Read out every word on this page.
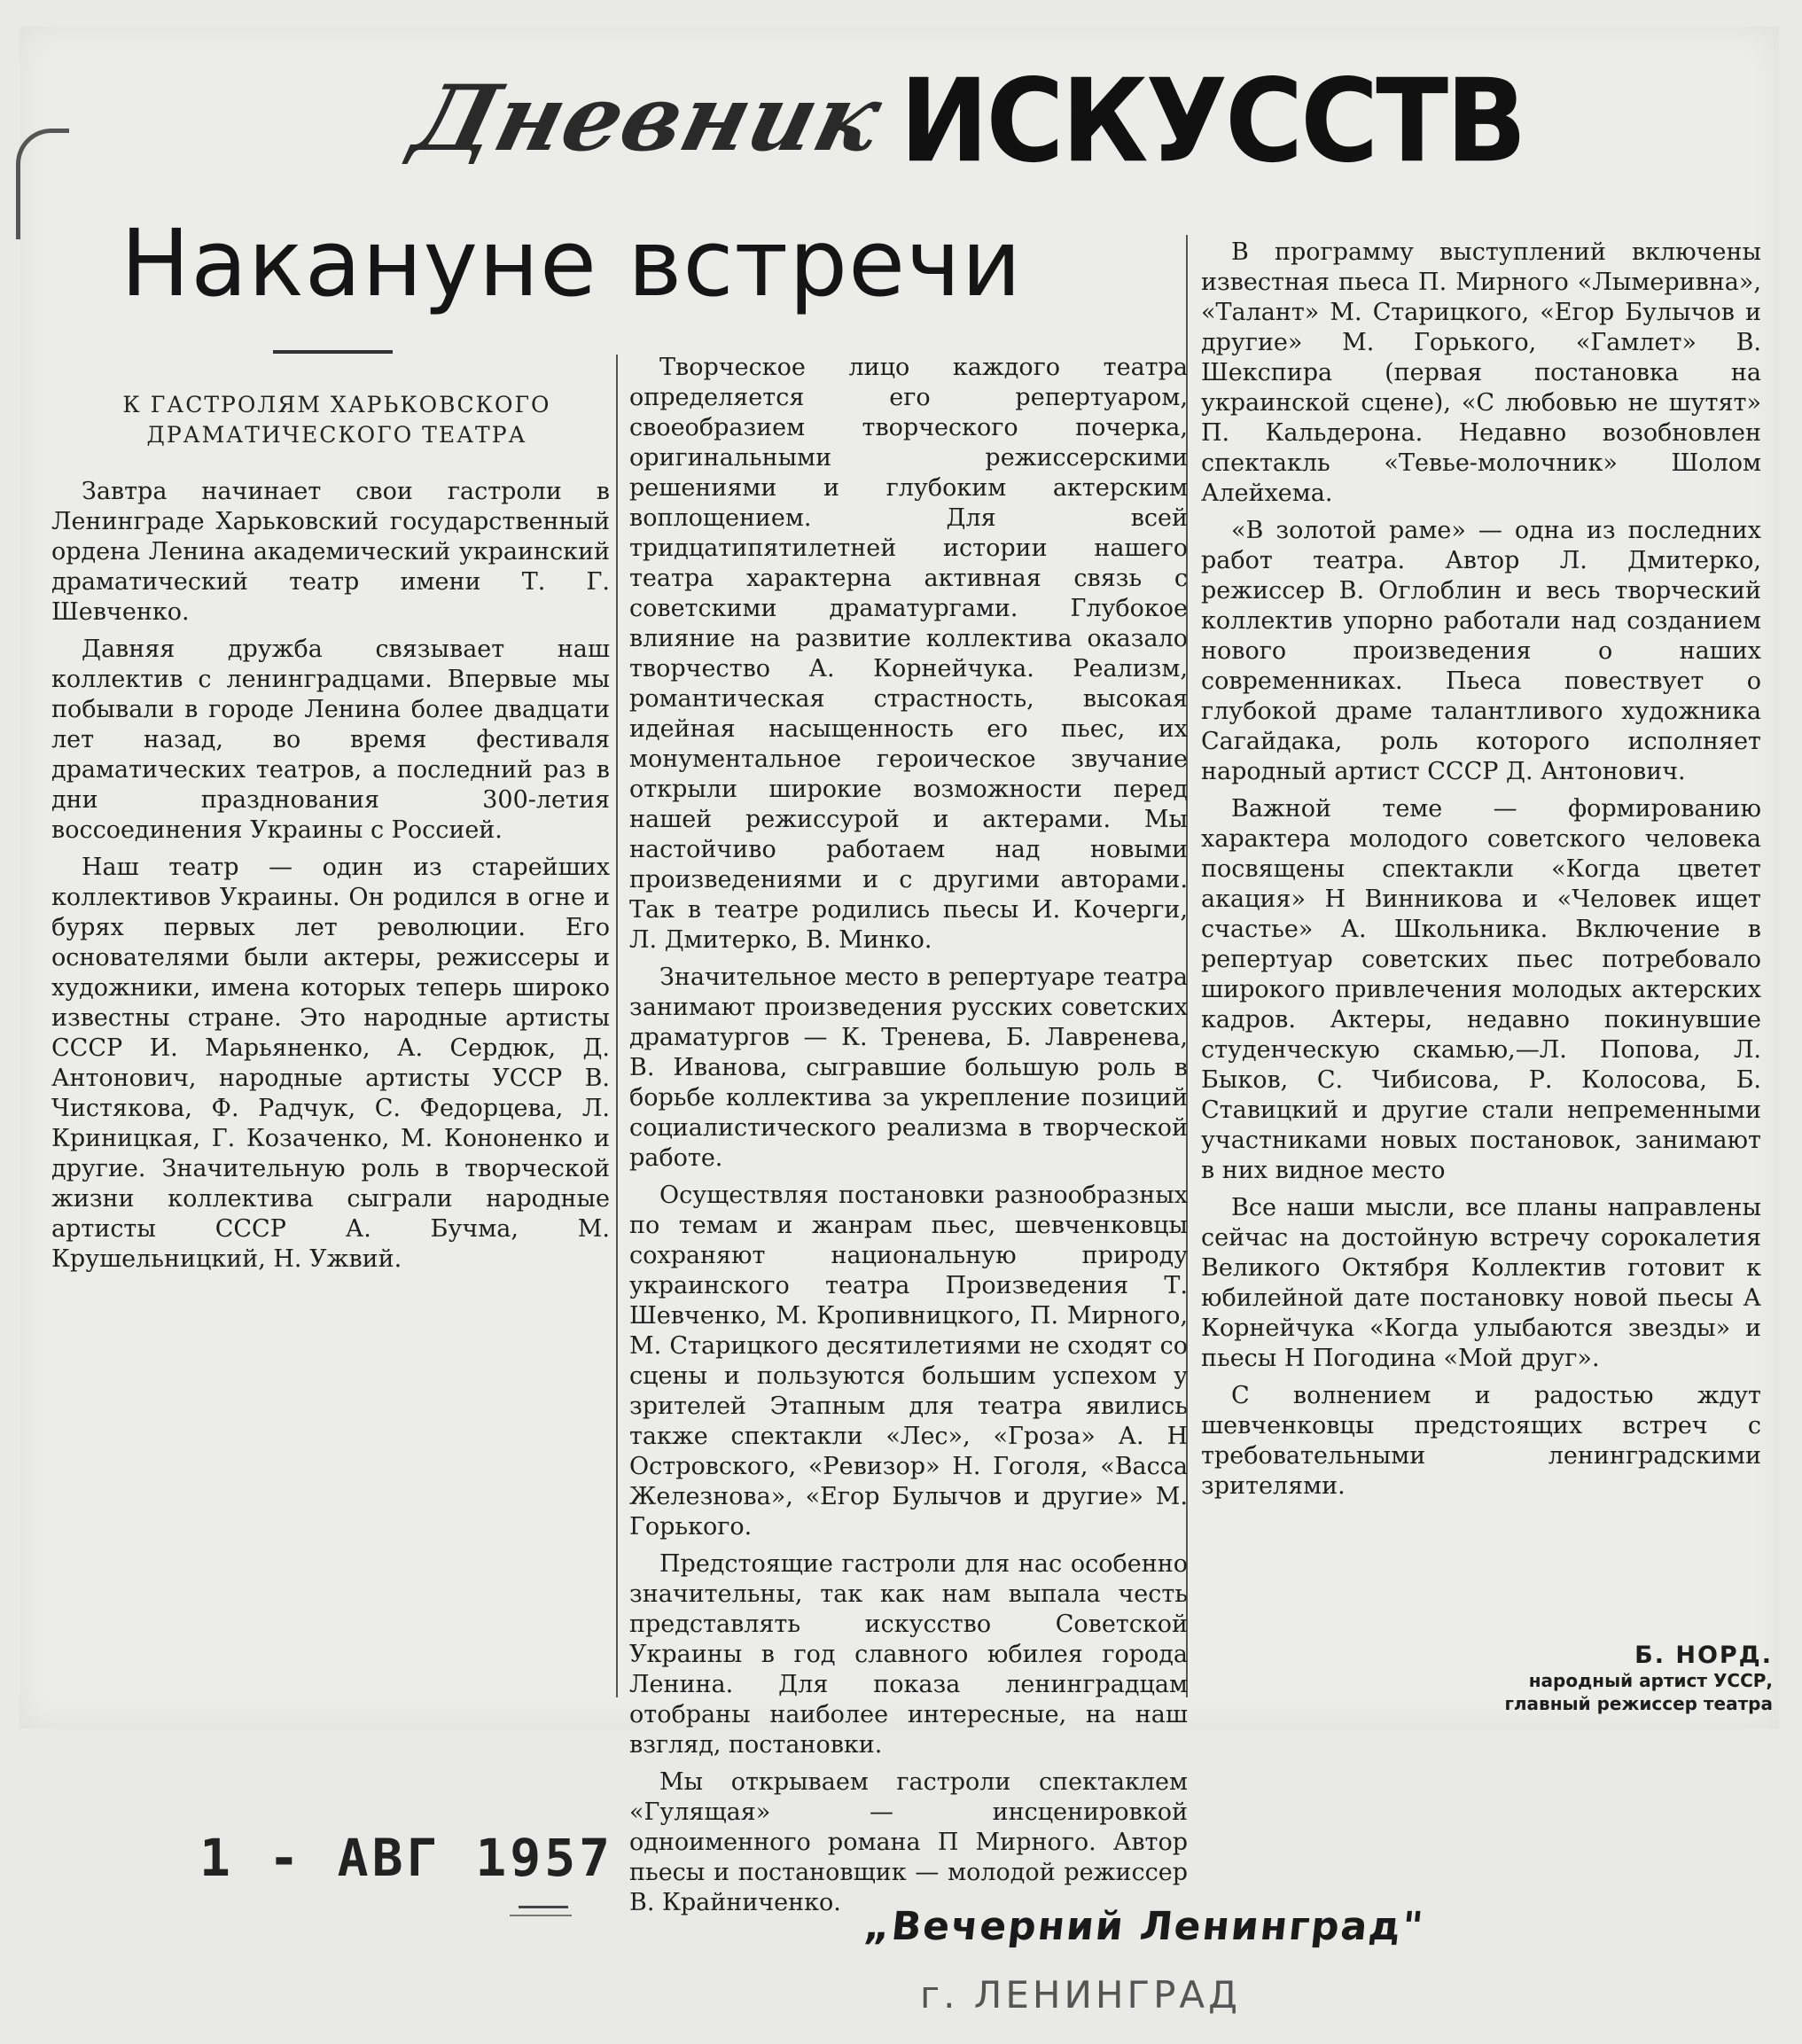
Дневник ИСКУССТВ
Накануне встречи
К ГАСТРОЛЯМ ХАРЬКОВСКОГО
ДРАМАТИЧЕСКОГО ТЕАТРА

Завтра начинает свои гастроли в Ленинграде Харьковский государственный ордена Ленина академический украинский драматический театр имени Т. Г. Шевченко.

Давняя дружба связывает наш коллектив с ленинградцами. Впервые мы побывали в городе Ленина более двадцати лет назад, во время фестиваля драматических театров, а последний раз в дни празднования 300-летия воссоединения Украины с Россией.

Наш театр — один из старейших коллективов Украины. Он родился в огне и бурях первых лет революции. Его основателями были актеры, режиссеры и художники, имена которых теперь широко известны стране. Это народные артисты СССР И. Марьяненко, А. Сердюк, Д. Антонович, народные артисты УССР В. Чистякова, Ф. Радчук, С. Федорцева, Л. Криницкая, Г. Козаченко, М. Кононенко и другие. Значительную роль в творческой жизни коллектива сыграли народные артисты СССР А. Бучма, М. Крушельницкий, Н. Ужвий.

Творческое лицо каждого театра определяется его репертуаром, своеобразием творческого почерка, оригинальными режиссерскими решениями и глубоким актерским воплощением. Для всей тридцатипятилетней истории нашего театра характерна активная связь с советскими драматургами. Глубокое влияние на развитие коллектива оказало творчество А. Корнейчука. Реализм, романтическая страстность, высокая идейная насыщенность его пьес, их монументальное героическое звучание открыли широкие возможности перед нашей режиссурой и актерами. Мы настойчиво работаем над новыми произведениями и с другими авторами. Так в театре родились пьесы И. Кочерги, Л. Дмитерко, В. Минко.

Значительное место в репертуаре театра занимают произведения русских советских драматургов — К. Тренева, Б. Лавренева, В. Иванова, сыгравшие большую роль в борьбе коллектива за укрепление позиций социалистического реализма в творческой работе.

Осуществляя постановки разнообразных по темам и жанрам пьес, шевченковцы сохраняют национальную природу украинского театра Произведения Т. Шевченко, М. Кропивницкого, П. Мирного, М. Старицкого десятилетиями не сходят со сцены и пользуются большим успехом у зрителей Этапным для театра явились также спектакли «Лес», «Гроза» А. Н Островского, «Ревизор» Н. Гоголя, «Васса Железнова», «Егор Булычов и другие» М. Горького.

Предстоящие гастроли для нас особенно значительны, так как нам выпала честь представлять искусство Советской Украины в год славного юбилея города Ленина. Для показа ленинградцам отобраны наиболее интересные, на наш взгляд, постановки.

Мы открываем гастроли спектаклем «Гулящая» — инсценировкой одноименного романа П Мирного. Автор пьесы и постановщик — молодой режиссер В. Крайниченко.

В программу выступлений включены известная пьеса П. Мирного «Лымеривна», «Талант» М. Старицкого, «Егор Булычов и другие» М. Горького, «Гамлет» В. Шекспира (первая постановка на украинской сцене), «С любовью не шутят» П. Кальдерона. Недавно возобновлен спектакль «Тевье-молочник» Шолом Алейхема.

«В золотой раме» — одна из последних работ театра. Автор Л. Дмитерко, режиссер В. Оглоблин и весь творческий коллектив упорно работали над созданием нового произведения о наших современниках. Пьеса повествует о глубокой драме талантливого художника Сагайдака, роль которого исполняет народный артист СССР Д. Антонович.

Важной теме — формированию характера молодого советского человека посвящены спектакли «Когда цветет акация» Н Винникова и «Человек ищет счастье» А. Школьника. Включение в репертуар советских пьес потребовало широкого привлечения молодых актерских кадров. Актеры, недавно покинувшие студенческую скамью,—Л. Попова, Л. Быков, С. Чибисова, Р. Колосова, Б. Ставицкий и другие стали непременными участниками новых постановок, занимают в них видное место

Все наши мысли, все планы направлены сейчас на достойную встречу сорокалетия Великого Октября Коллектив готовит к юбилейной дате постановку новой пьесы А Корнейчука «Когда улыбаются звезды» и пьесы Н Погодина «Мой друг».

С волнением и радостью ждут шевченковцы предстоящих встреч с требовательными ленинградскими зрителями.

Б. НОРД.
народный артист УССР,
главный режиссер театра
1 - АВГ 1957
„Вечерний Ленинград"
г. ЛЕНИНГРАД
